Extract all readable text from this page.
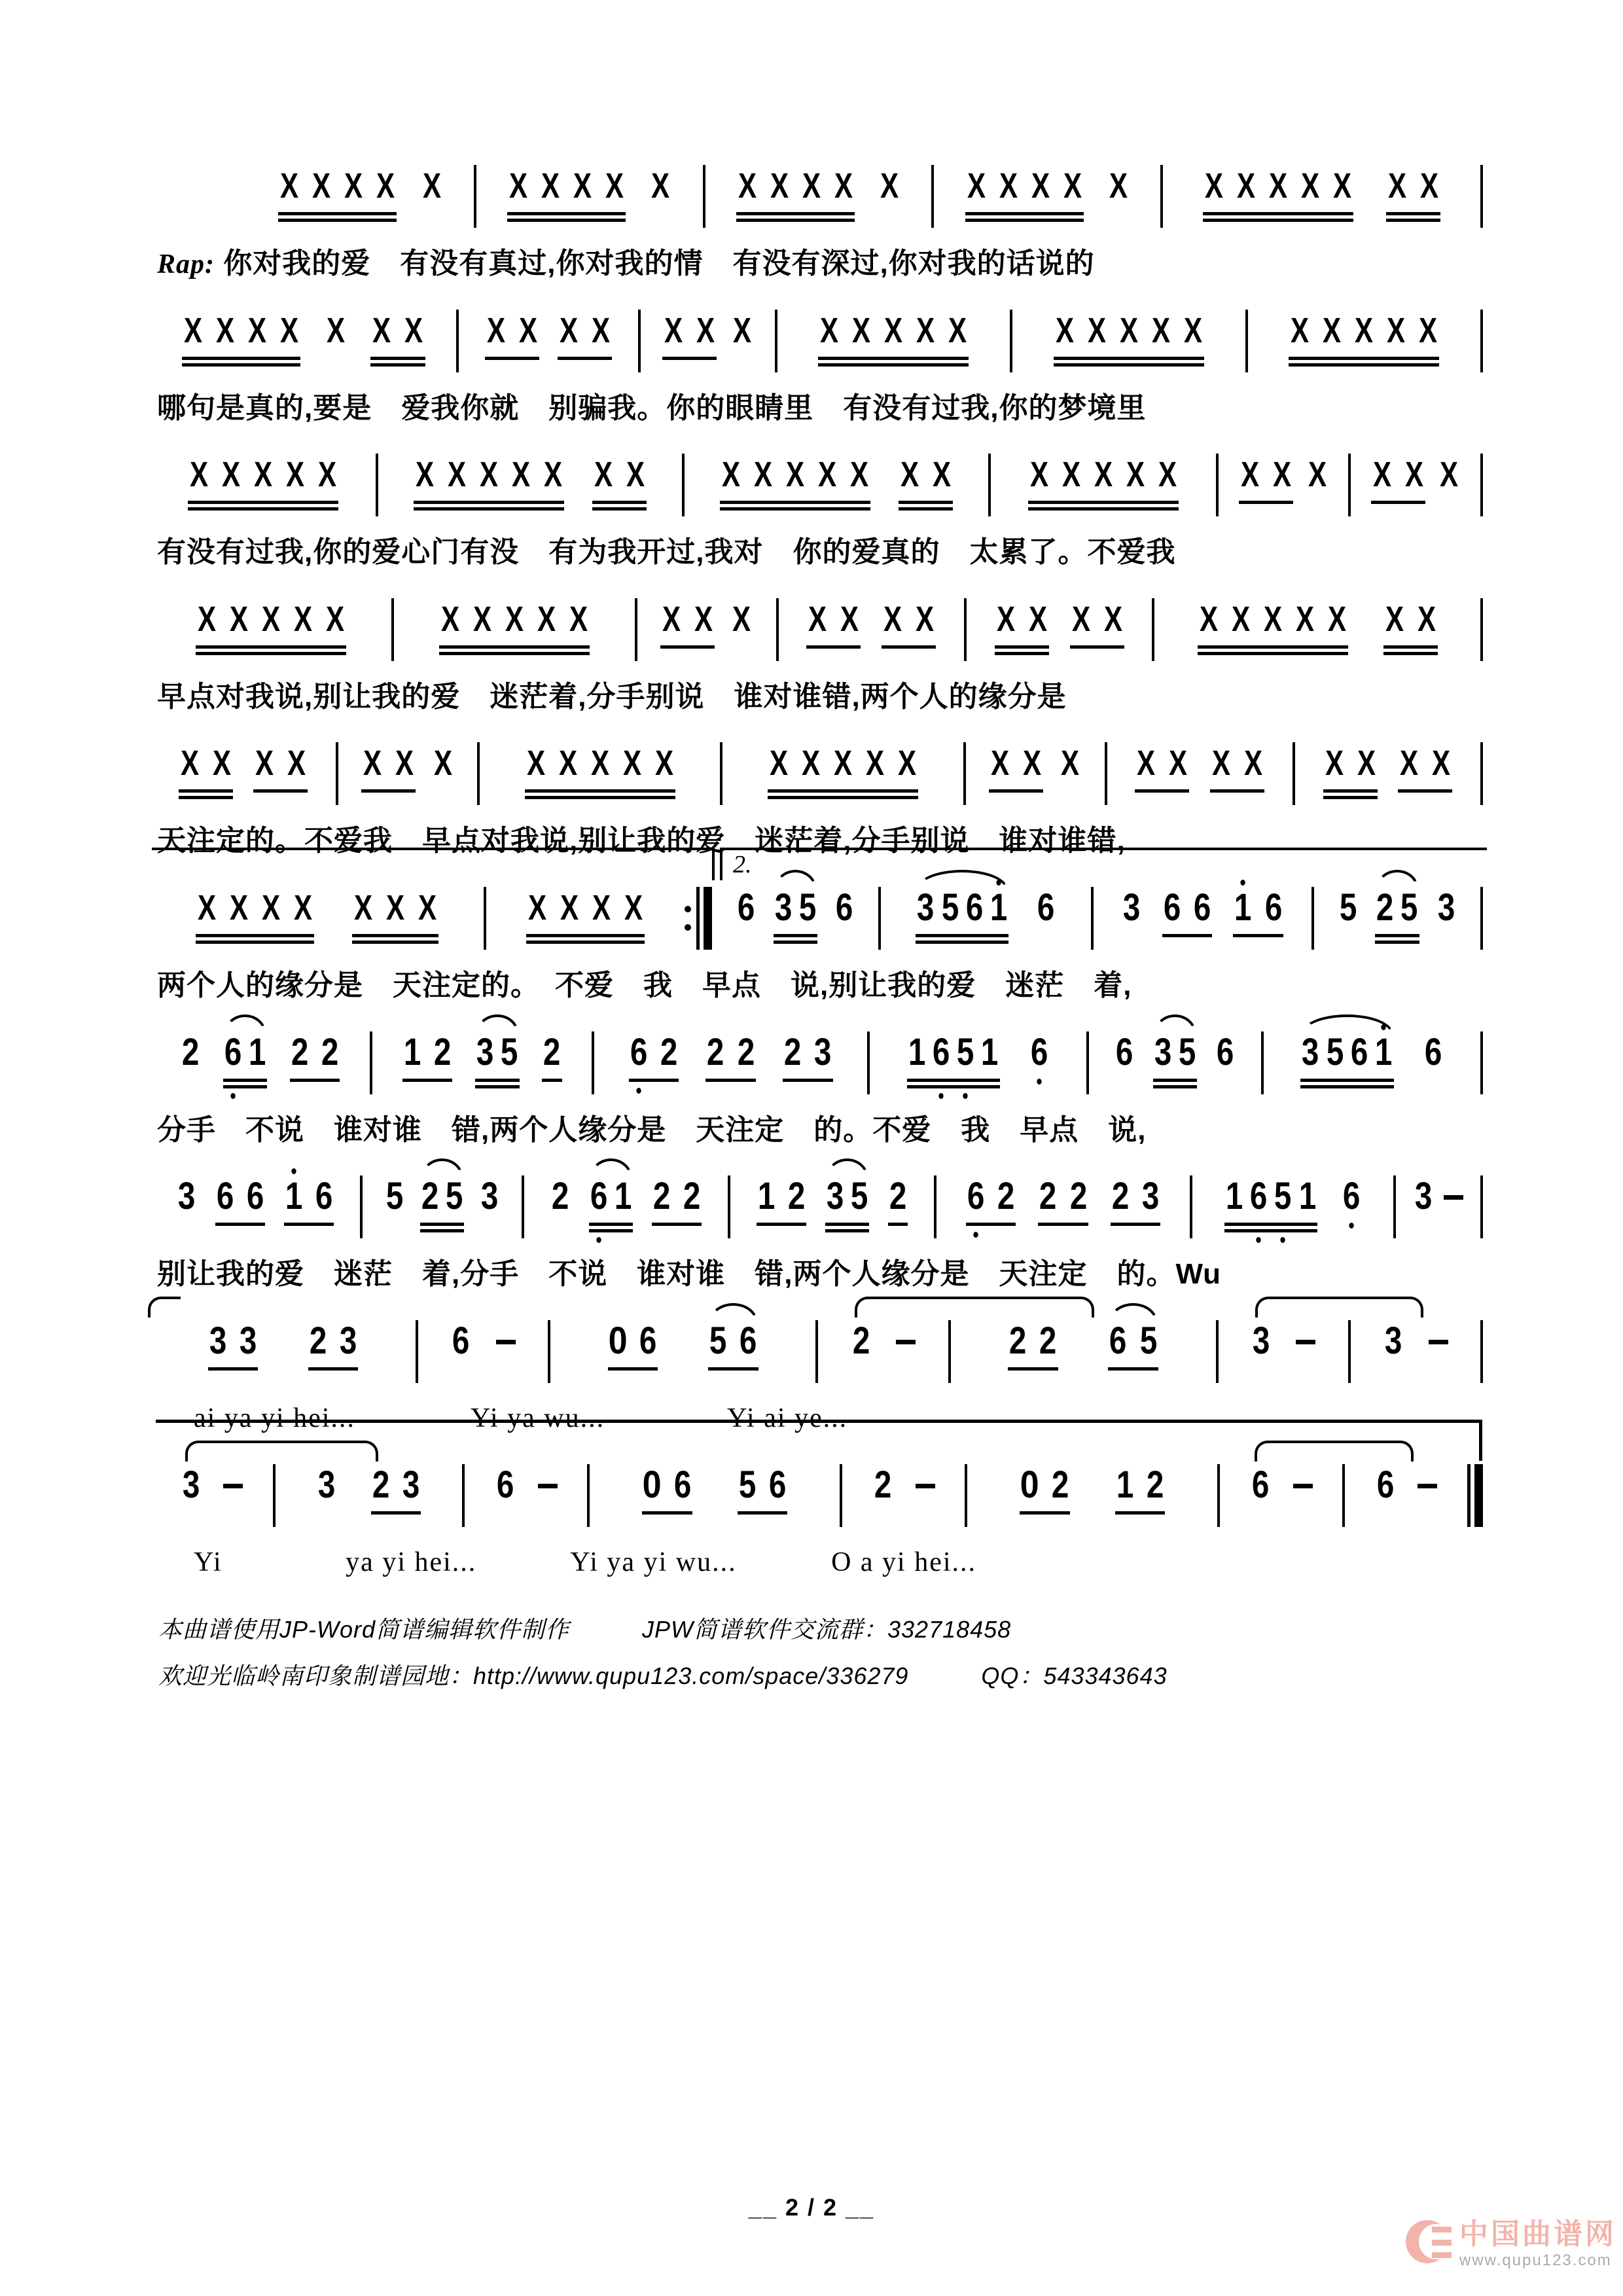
X X X X X X X X X X X X X X X X X X X X X X X X X X X
Rap: 你对我的爱　有没有真过,你对我的情　有没有深过,你对我的话说的
X X X X X X X X X X X X X X X X X X X	X X X X X	X X X X X
哪句是真的,要是　爱我你就　别骗我。你的眼睛里　有没有过我,你的梦境里
X X X X X X X X X X X X X X X X X X X X X X X X X X X X X X
有没有过我,你的爱心门有没　有为我开过,我对　你的爱真的　太累了。不爱我
X X X X X	X X X X X X X X X X X X X X X X X X X X X X X
早点对我说,别让我的爱　迷茫着,分手别说　谁对谁错,两个人的缘分是
X X X X X X X X X X X X	X X X X X X X X X X X X X X X X
天注定的。不爱我　早点对我说,别让我的爱　迷茫着,分手别说　谁对谁错,
X X X X X X X	X X X X 6 3 5 6 3 5 6 1 6 3 6 6 1 6 5 2 5 3
2.
两个人的缘分是　天注定的。　不爱　我　早点　说,别让我的爱　迷茫　着,
2 6 1 2 2 1 2 3 5 2 6 2 2 2 2 3 1 6 5 1 6 6 3 5 6 3 5 6 1 6
分手　不说　谁对谁　错,两个人缘分是　天注定　的。不爱　我　早点　说,
3 6 6 1 6 5 2 5 3 2 6 1 2 2 1 2 3 5 2 6 2 2 2 2 3 1 6 5 1 6 3
别让我的爱　迷茫　着,分手　不说　谁对谁　错,两个人缘分是　天注定　的。Wu
3 3 2 3	6	0 6 5 6	2	2 2 6 5	3	3
ai ya yi hei...　　　　Yi ya wu...　　　　 Yi ai ye...
3	3 2 3 6	0 6 5 6 2	0 2 1 2 6	6
Yi　　　　 ya yi hei...　　　 Yi ya yi wu...　　　 O a yi hei...
本曲谱使用JP-Word简谱编辑软件制作　　　JPW简谱软件交流群：332718458
欢迎光临岭南印象制谱园地：http://www.qupu123.com/space/336279　　　QQ：543343643
__ 2 / 2 __
中国曲谱网
www.qupu123.com
